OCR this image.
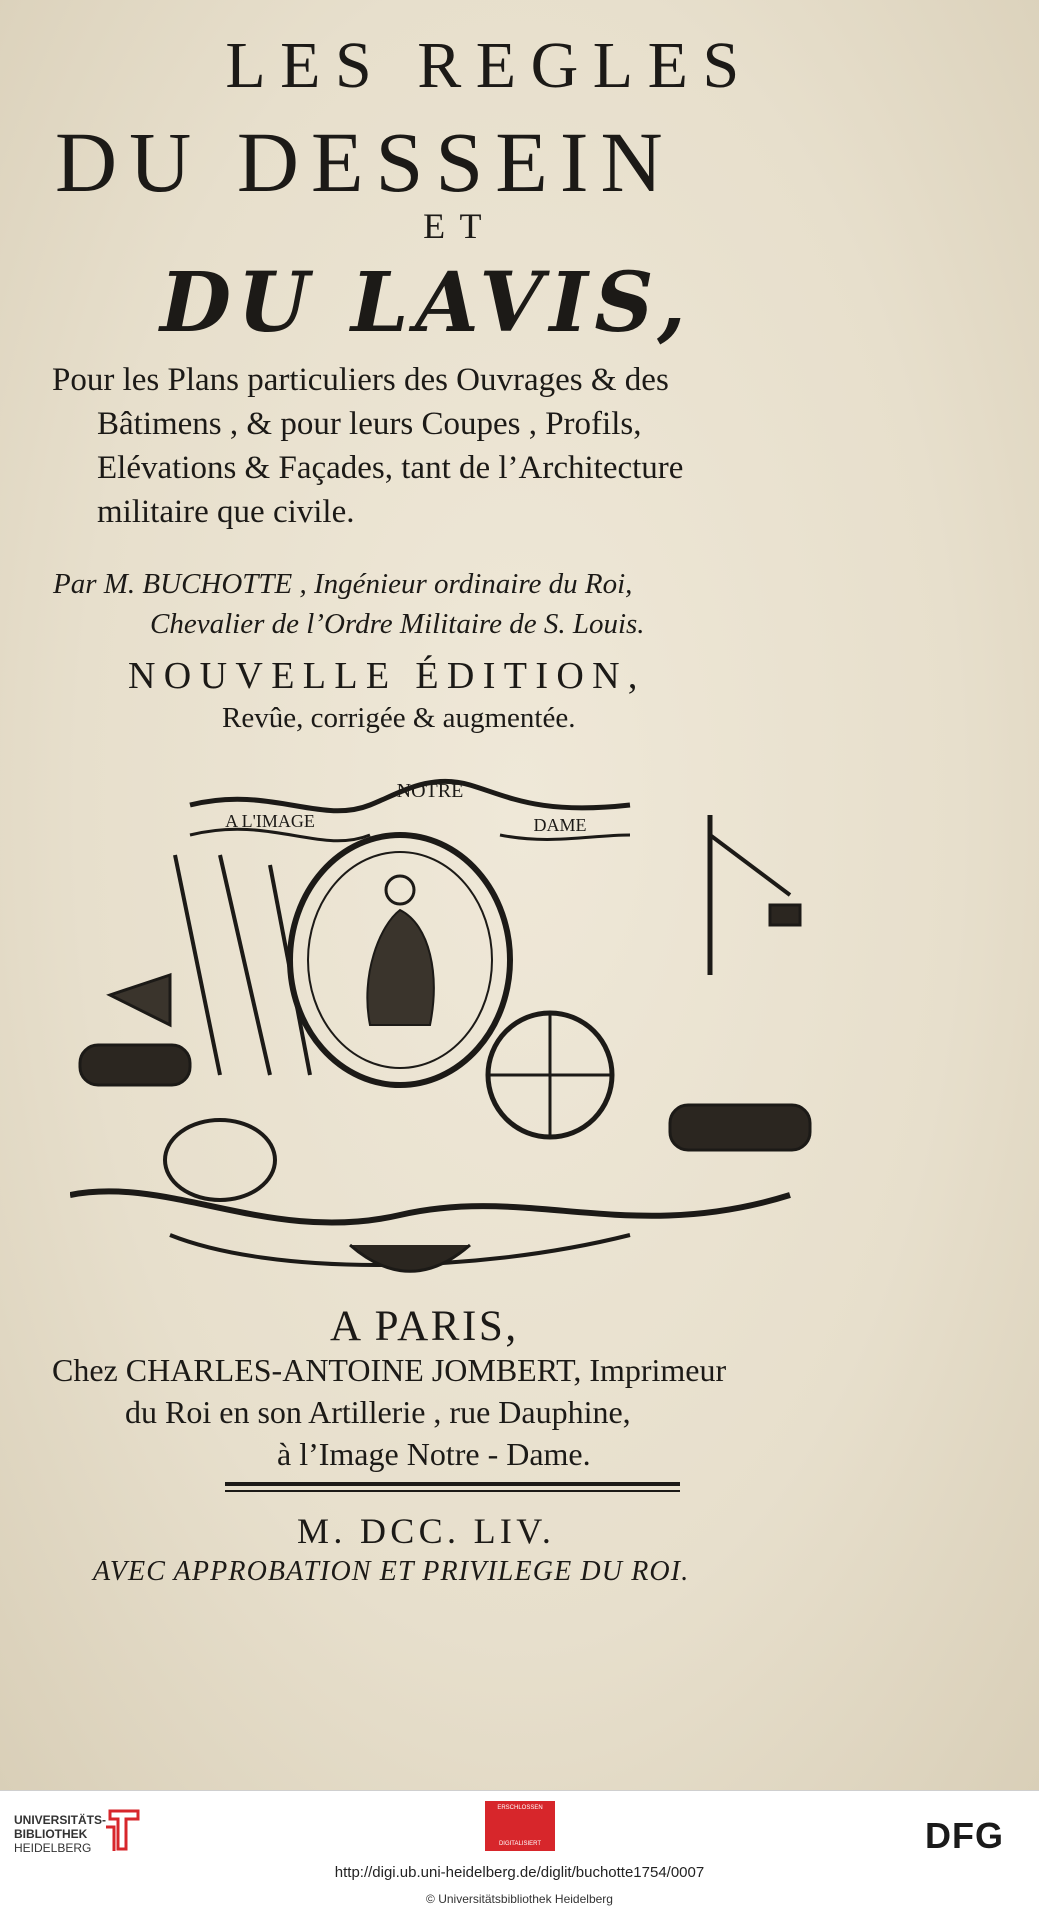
LES REGLES
DU DESSEIN
ET
DU LAVIS,
Pour les Plans particuliers des Ouvrages & des
Bâtimens , & pour leurs Coupes , Profils,
Elévations & Façades, tant de l’Architecture
militaire que civile.
Par M. BUCHOTTE , Ingénieur ordinaire du Roi,
Chevalier de l’Ordre Militaire de S. Louis.
NOUVELLE ÉDITION,
Revûe, corrigée & augmentée.
NOTRE
A L'IMAGE	DAME
A PARIS,
Chez CHARLES-ANTOINE JOMBERT, Imprimeur
du Roi en son Artillerie , rue Dauphine,
à l’Image Notre - Dame.
M. DCC. LIV.
AVEC APPROBATION ET PRIVILEGE DU ROI.
UNIVERSITÄTS-
BIBLIOTHEK
HEIDELBERG
ERSCHLOSSEN
DIGITALISIERT	DFG
http://digi.ub.uni-heidelberg.de/diglit/buchotte1754/0007
© Universitätsbibliothek Heidelberg
